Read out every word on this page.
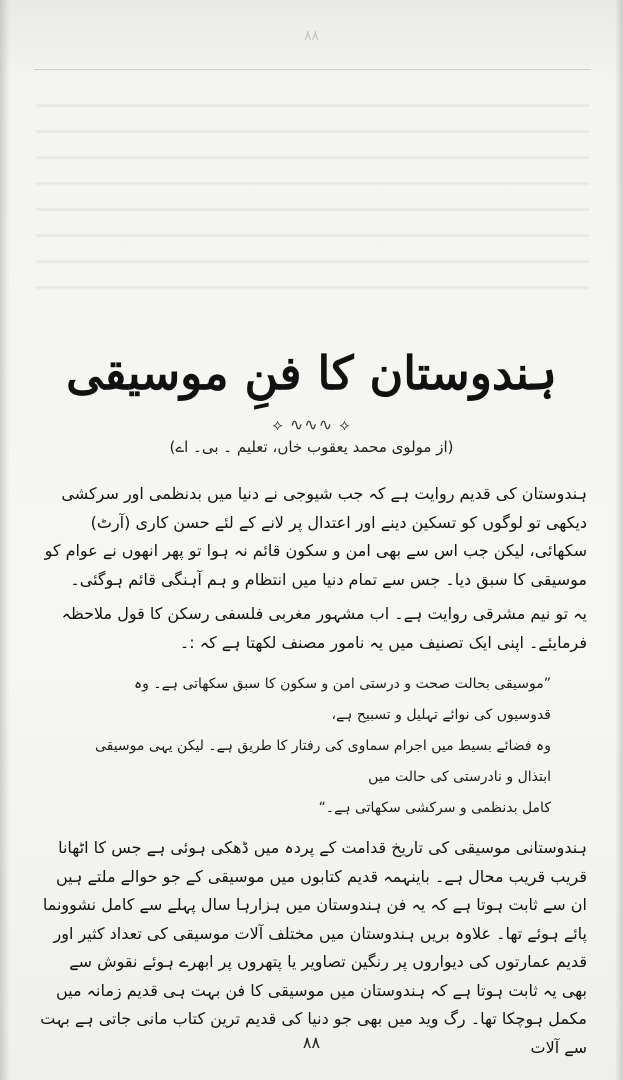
۸۸
ہندوستان کا فنِ موسیقی
⟡ ∿∿∿ ⟡
(از مولوی محمد یعقوب خاں، تعلیم ۔ بی۔ اے)

ہندوستان کی قدیم روایت ہے کہ جب شیوجی نے دنیا میں بدنظمی اور سرکشی دیکھی تو لوگوں کو تسکین دینے اور اعتدال پر لانے کے لئے حسن کاری (آرٹ) سکھائی، لیکن جب اس سے بھی امن و سکون قائم نہ ہوا تو پھر انھوں نے عوام کو موسیقی کا سبق دیا۔ جس سے تمام دنیا میں انتظام و ہم آہنگی قائم ہوگئی۔

یہ تو نیم مشرقی روایت ہے۔ اب مشہور مغربی فلسفی رسکن کا قول ملاحظہ فرمایئے۔ اپنی ایک تصنیف میں یہ نامور مصنف لکھتا ہے کہ :۔

”موسیقی بحالت صحت و درستی امن و سکون کا سبق سکھاتی ہے۔ وہ قدوسیوں کی نوائے تہلیل و تسبیح ہے،
وہ فضائے بسیط میں اجرام سماوی کی رفتار کا طریق ہے۔ لیکن یہی موسیقی ابتذال و نادرستی کی حالت میں
کامل بدنظمی و سرکشی سکھاتی ہے۔“

ہندوستانی موسیقی کی تاریخ قدامت کے پردہ میں ڈھکی ہوئی ہے جس کا اٹھانا قریب قریب محال ہے۔ باینہمہ قدیم کتابوں میں موسیقی کے جو حوالے ملتے ہیں ان سے ثابت ہوتا ہے کہ یہ فن ہندوستان میں ہزارہا سال پہلے سے کامل نشوونما پائے ہوئے تھا۔ علاوہ بریں ہندوستان میں مختلف آلات موسیقی کی تعداد کثیر اور قدیم عمارتوں کی دیواروں پر رنگین تصاویر یا پتھروں پر ابھرے ہوئے نقوش سے بھی یہ ثابت ہوتا ہے کہ ہندوستان میں موسیقی کا فن بہت ہی قدیم زمانہ میں مکمل ہوچکا تھا۔ رگ وید میں بھی جو دنیا کی قدیم ترین کتاب مانی جاتی ہے بہت سے آلات

۸۸
